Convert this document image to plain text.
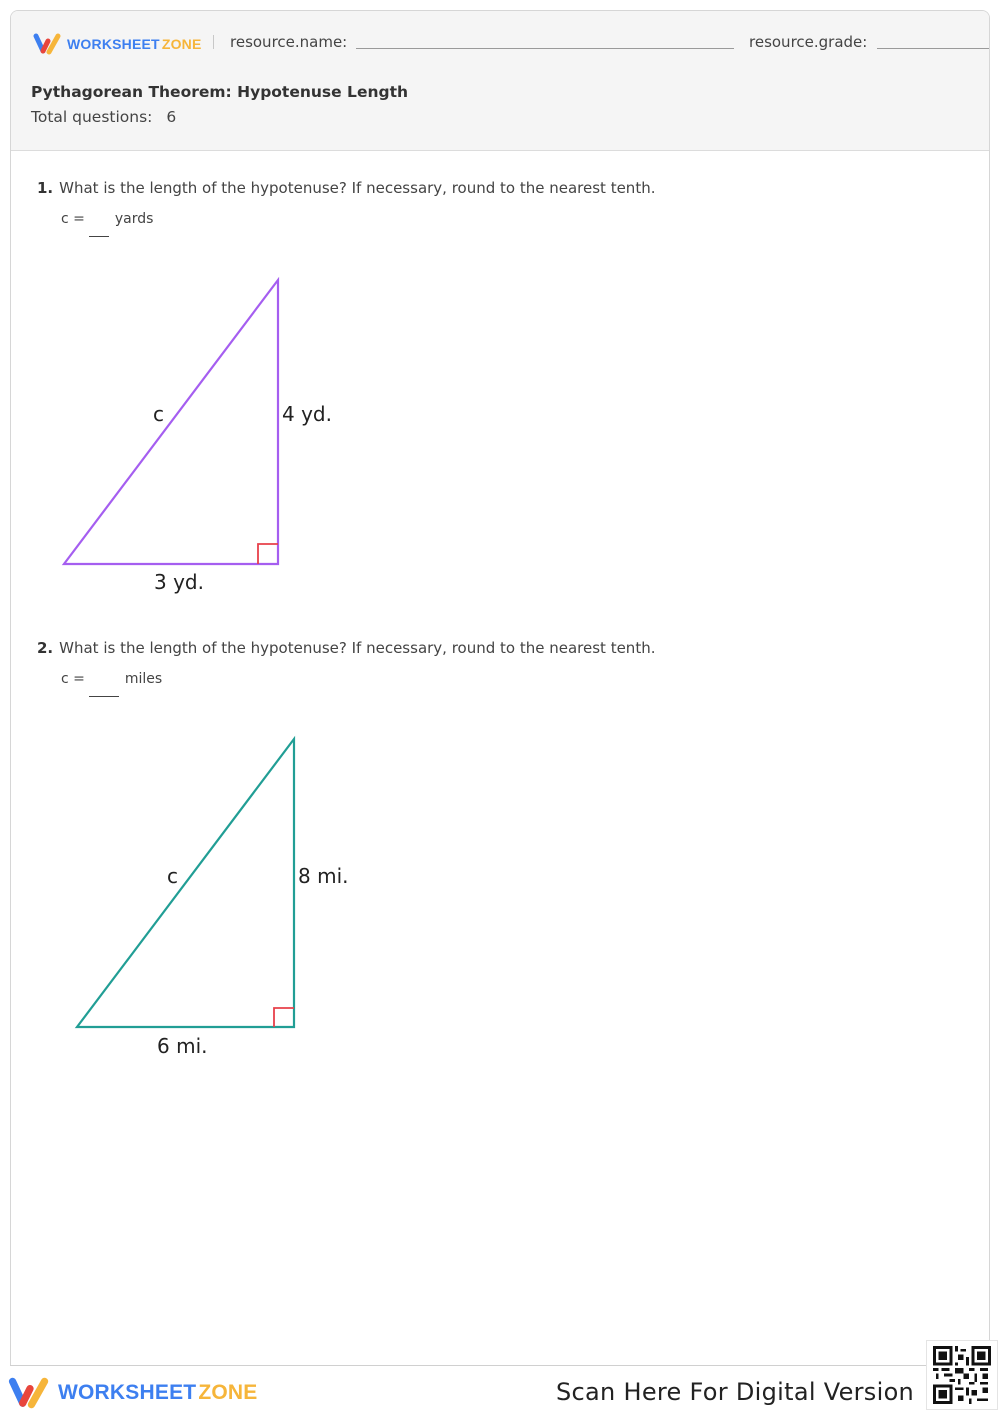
WORKSHEET ZONE resource.name:	resource.grade:
Pythagorean Theorem: Hypotenuse Length
Total questions: 6
1. What is the length of the hypotenuse? If necessary, round to the nearest tenth.
c = yards
c	4 yd.
3 yd.
2. What is the length of the hypotenuse? If necessary, round to the nearest tenth.
c =	miles
c	8 mi.
6 mi.
WORKSHEETZONE	Scan Here For Digital Version
